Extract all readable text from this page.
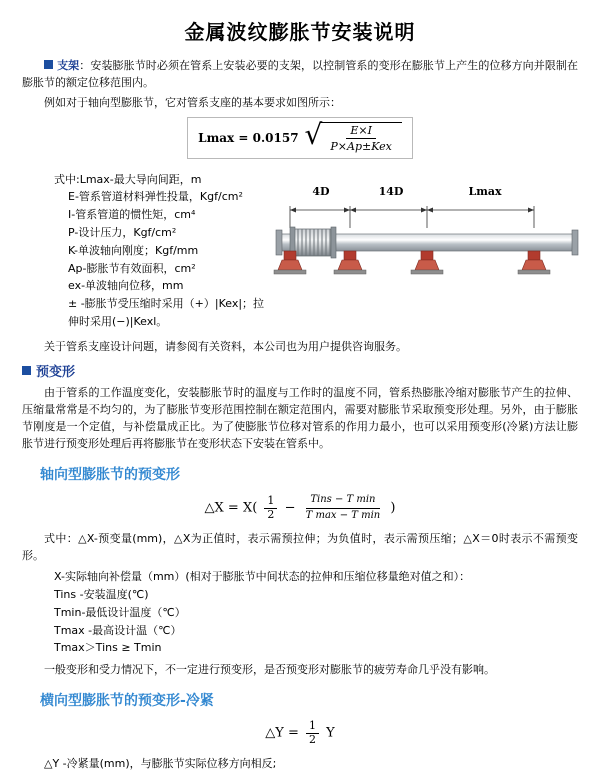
金属波纹膨胀节安装说明
支架：安装膨胀节时必须在管系上安装必要的支架，以控制管系的变形在膨胀节上产生的位移方向并限制在膨胀节的额定位移范围内。
例如对于轴向型膨胀节，它对管系支座的基本要求如图所示：
Lmax = 0.0157 √
$\frac{E\times I}{\text{P×Ap±Kex}}$
式中:Lmax-最大导向间距，m
E-管系管道材料弹性投量，Kgf/cm²
I-管系管道的惯性矩，cm⁴
P-设计压力，Kgf/cm²
K-单波轴向刚度；Kgf/mm
Ap-膨胀节有效面积，cm²
ex-单波轴向位移，mm
± -膨胀节受压缩时采用（+）|Kex|；拉伸时采用(−)|Kexl。
4D	14D	Lmax
关于管系支座设计问题，请参阅有关资料，本公司也为用户提供咨询服务。
预变形
由于管系的工作温度变化，安装膨胀节时的温度与工作时的温度不同，管系热膨胀冷缩对膨胀节产生的拉伸、压缩量常常是不均匀的，为了膨胀节变形范围控制在额定范围内，需要对膨胀节采取预变形处理。另外，由于膨胀节刚度是一个定值，与补偿量成正比。为了使膨胀节位移对管系的作用力最小，也可以采用预变形(冷紧)方法让膨胀节进行预变形处理后再将膨胀节在变形状态下安装在管系中。
轴向型膨胀节的预变形
△X = $X( \frac{1}{2} - \frac{\text{Tins − T min}}{\text{T max − T min}}$ )
式中：△X-预变量(mm)，△X为正值时，表示需预拉伸；为负值时，表示需预压缩；△X＝0时表示不需预变形。
X-实际轴向补偿量（mm）(相对于膨胀节中间状态的拉伸和压缩位移量绝对值之和）：
Tins -安装温度(℃)
Tmin-最低设计温度（℃）
Tmax -最高设计温（℃）
Tmax＞Tins ≥ Tmin
一般变形和受力情况下，不一定进行预变形，是否预变形对膨胀节的疲劳寿命几乎没有影响。
横向型膨胀节的预变形-冷紧
△Y = $\frac{1}{2}$ Y
△Y -冷紧量(mm)，与膨胀节实际位移方向相反;
